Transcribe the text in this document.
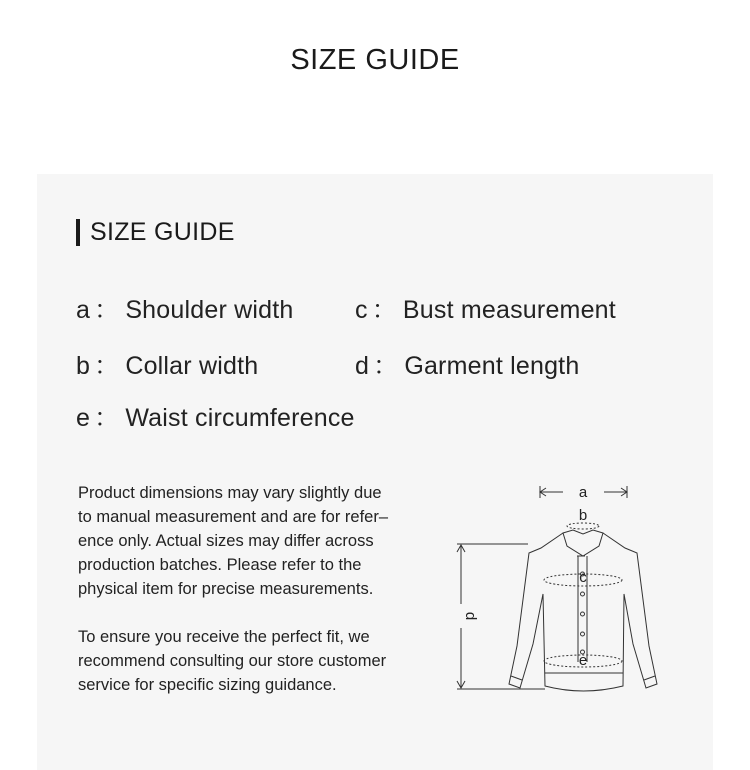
SIZE GUIDE
SIZE GUIDE
a ： Shoulder width c ： Bust measurement
b ： Collar width	d ： Garment length
e ： Waist circumference
Product dimensions may vary slightly due
to manual measurement and are for refer–
ence only. Actual sizes may differ across
production batches. Please refer to the
physical item for precise measurements.
To ensure you receive the perfect fit, we
recommend consulting our store customer
service for specific sizing guidance.
a
b
c
e
d
